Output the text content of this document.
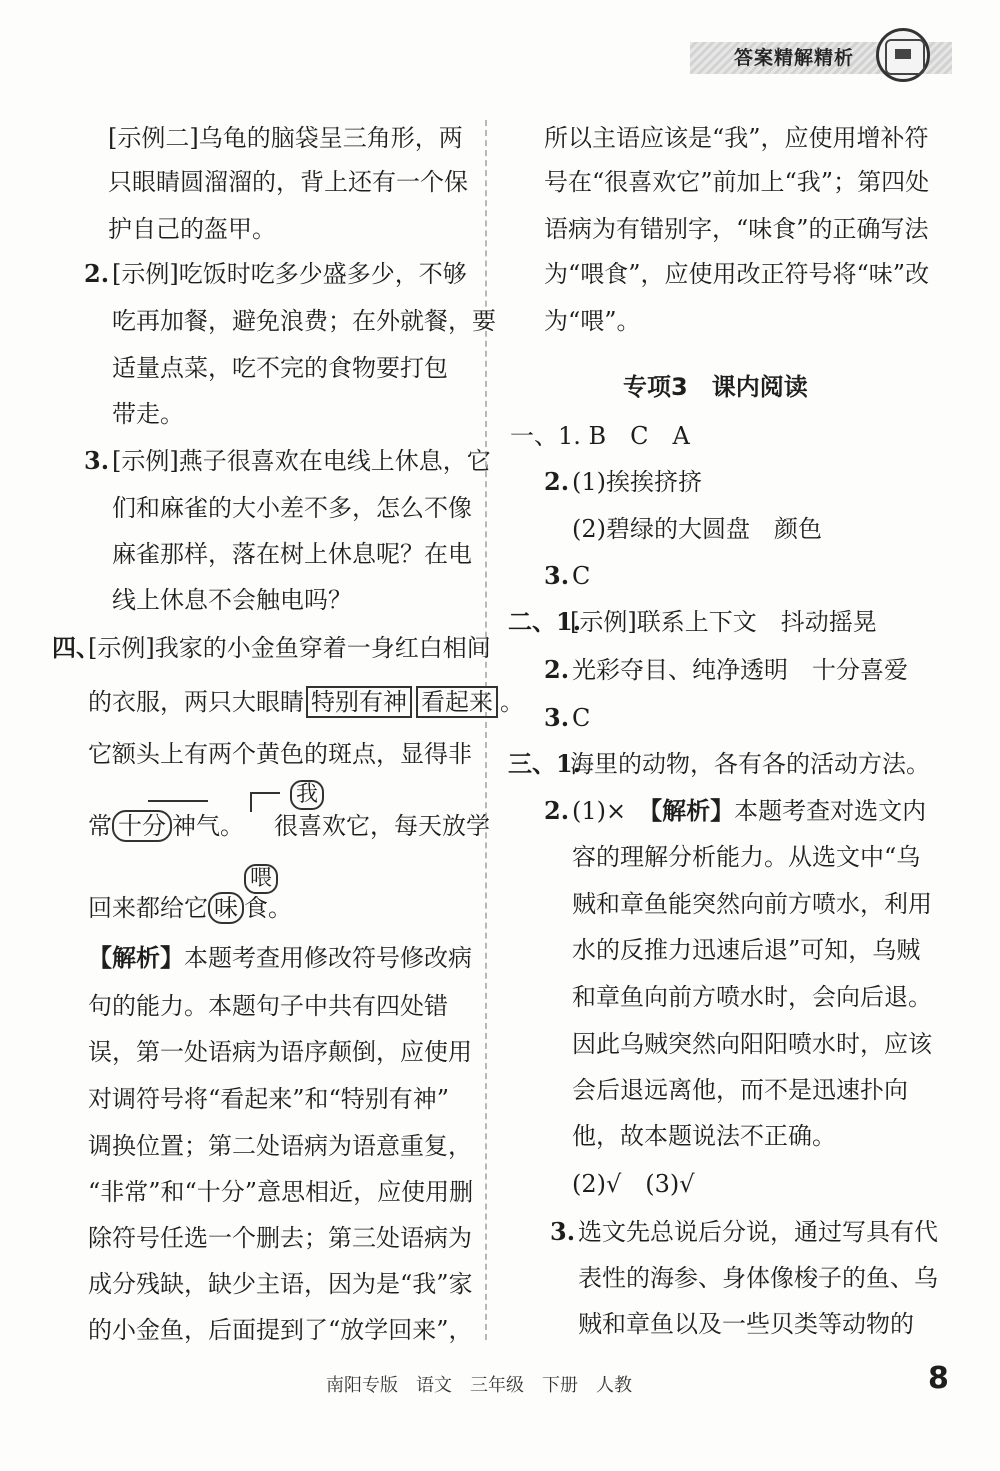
答案精解精析
[示例二]乌龟的脑袋呈三角形，两
只眼睛圆溜溜的，背上还有一个保
护自己的盔甲。
2. [示例]吃饭时吃多少盛多少，不够
吃再加餐，避免浪费；在外就餐，要
适量点菜，吃不完的食物要打包
带走。
3. [示例]燕子很喜欢在电线上休息，它
们和麻雀的大小差不多，怎么不像
麻雀那样，落在树上休息呢？在电
线上休息不会触电吗？
四、
[示例]我家的小金鱼穿着一身红白相间
的衣服，两只大眼睛 特别有神 看起来 。
它额头上有两个黄色的斑点，显得非
我
常 十分 神气。 很喜欢它，每天放学
喂
回来都给它 味 食。
【解析】本题考查用修改符号修改病
句的能力。本题句子中共有四处错
误，第一处语病为语序颠倒，应使用
对调符号将“看起来”和“特别有神”
调换位置；第二处语病为语意重复，
“非常”和“十分”意思相近，应使用删
除符号任选一个删去；第三处语病为
成分残缺，缺少主语，因为是“我”家
的小金鱼，后面提到了“放学回来”，
所以主语应该是“我”，应使用增补符
号在“很喜欢它”前加上“我”；第四处
语病为有错别字，“味食”的正确写法
为“喂食”，应使用改正符号将“味”改
为“喂”。
专项3　课内阅读
一、1. B　C　A
2. (1)挨挨挤挤
(2)碧绿的大圆盘　颜色
3. C
二、1.
[示例]联系上下文　抖动摇晃
2. 光彩夺目、纯净透明　十分喜爱
3. C
三、1.
海里的动物，各有各的活动方法。
2. (1)×　 【解析】本题考查对选文内
容的理解分析能力。从选文中“乌
贼和章鱼能突然向前方喷水，利用
水的反推力迅速后退”可知，乌贼
和章鱼向前方喷水时，会向后退。
因此乌贼突然向阳阳喷水时，应该
会后退远离他，而不是迅速扑向
他，故本题说法不正确。
(2)√　(3)√
3. 选文先总说后分说，通过写具有代
表性的海参、身体像梭子的鱼、乌
贼和章鱼以及一些贝类等动物的
南阳专版　语文　三年级　下册　人教	8
